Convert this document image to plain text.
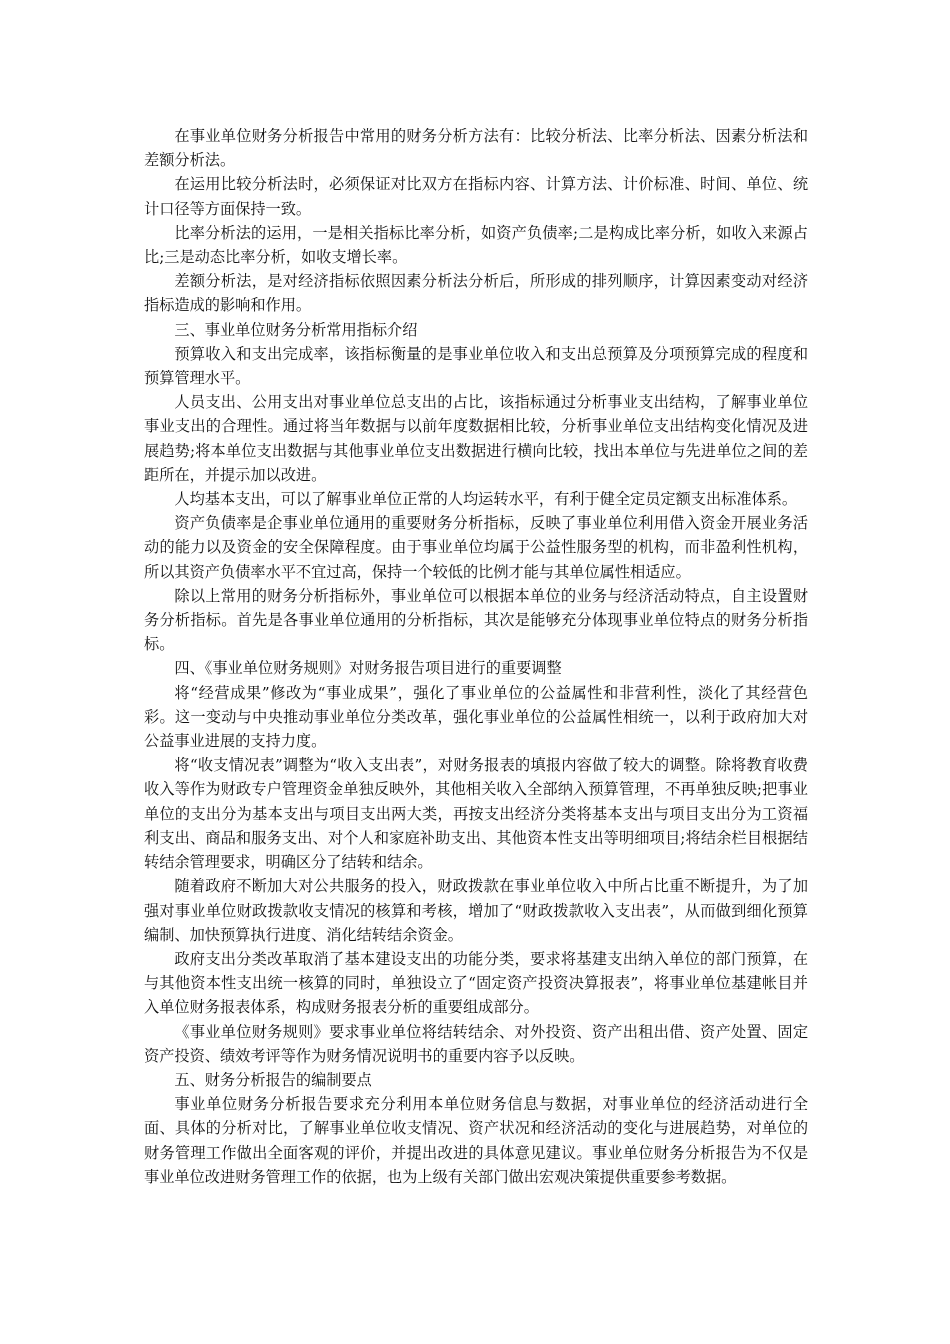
在事业单位财务分析报告中常用的财务分析方法有：比较分析法、比率分析法、因素分析法和差额分析法。

在运用比较分析法时，必须保证对比双方在指标内容、计算方法、计价标准、时间、单位、统计口径等方面保持一致。

比率分析法的运用，一是相关指标比率分析，如资产负债率;二是构成比率分析，如收入来源占比;三是动态比率分析，如收支增长率。

差额分析法，是对经济指标依照因素分析法分析后，所形成的排列顺序，计算因素变动对经济指标造成的影响和作用。

三、事业单位财务分析常用指标介绍

预算收入和支出完成率，该指标衡量的是事业单位收入和支出总预算及分项预算完成的程度和预算管理水平。

人员支出、公用支出对事业单位总支出的占比，该指标通过分析事业支出结构，了解事业单位事业支出的合理性。通过将当年数据与以前年度数据相比较，分析事业单位支出结构变化情况及进展趋势;将本单位支出数据与其他事业单位支出数据进行横向比较，找出本单位与先进单位之间的差距所在，并提示加以改进。

人均基本支出，可以了解事业单位正常的人均运转水平，有利于健全定员定额支出标准体系。

资产负债率是企事业单位通用的重要财务分析指标，反映了事业单位利用借入资金开展业务活动的能力以及资金的安全保障程度。由于事业单位均属于公益性服务型的机构，而非盈利性机构，所以其资产负债率水平不宜过高，保持一个较低的比例才能与其单位属性相适应。

除以上常用的财务分析指标外，事业单位可以根据本单位的业务与经济活动特点，自主设置财务分析指标。首先是各事业单位通用的分析指标，其次是能够充分体现事业单位特点的财务分析指标。

四、《事业单位财务规则》对财务报告项目进行的重要调整

将“经营成果”修改为“事业成果”，强化了事业单位的公益属性和非营利性，淡化了其经营色彩。这一变动与中央推动事业单位分类改革，强化事业单位的公益属性相统一，以利于政府加大对公益事业进展的支持力度。

将“收支情况表”调整为“收入支出表”，对财务报表的填报内容做了较大的调整。除将教育收费收入等作为财政专户管理资金单独反映外，其他相关收入全部纳入预算管理，不再单独反映;把事业单位的支出分为基本支出与项目支出两大类，再按支出经济分类将基本支出与项目支出分为工资福利支出、商品和服务支出、对个人和家庭补助支出、其他资本性支出等明细项目;将结余栏目根据结转结余管理要求，明确区分了结转和结余。

随着政府不断加大对公共服务的投入，财政拨款在事业单位收入中所占比重不断提升，为了加强对事业单位财政拨款收支情况的核算和考核，增加了“财政拨款收入支出表”，从而做到细化预算编制、加快预算执行进度、消化结转结余资金。

政府支出分类改革取消了基本建设支出的功能分类，要求将基建支出纳入单位的部门预算，在与其他资本性支出统一核算的同时，单独设立了“固定资产投资决算报表”，将事业单位基建帐目并入单位财务报表体系，构成财务报表分析的重要组成部分。

《事业单位财务规则》要求事业单位将结转结余、对外投资、资产出租出借、资产处置、固定资产投资、绩效考评等作为财务情况说明书的重要内容予以反映。

五、财务分析报告的编制要点

事业单位财务分析报告要求充分利用本单位财务信息与数据，对事业单位的经济活动进行全面、具体的分析对比，了解事业单位收支情况、资产状况和经济活动的变化与进展趋势，对单位的财务管理工作做出全面客观的评价，并提出改进的具体意见建议。事业单位财务分析报告为不仅是事业单位改进财务管理工作的依据，也为上级有关部门做出宏观决策提供重要参考数据。
